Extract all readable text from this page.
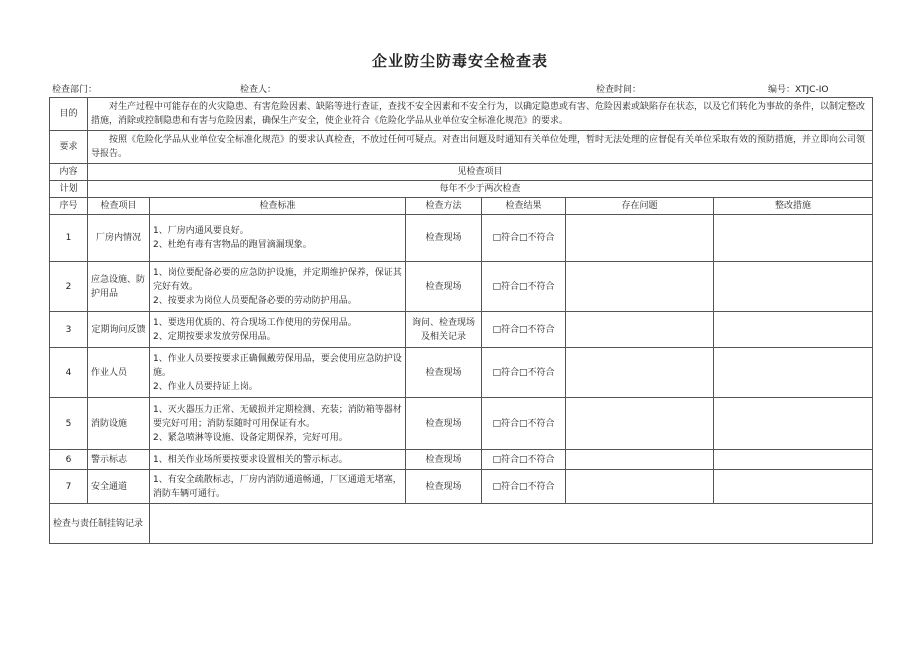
企业防尘防毒安全检查表
检查部门：	检查人：	检查时间：	编号：XTJC-IO
目的	对生产过程中可能存在的火灾隐患、有害危险因素、缺陷等进行查证，查找不安全因素和不安全行为，以确定隐患或有害、危险因素或缺陷存在状态，以及它们转化为事故的条件，以制定整改措施，消除或控制隐患和有害与危险因素，确保生产安全，使企业符合《危险化学品从业单位安全标准化规范》的要求。					
要求	按照《危险化学品从业单位安全标准化规范》的要求认真检查，不放过任何可疑点。对查出问题及时通知有关单位处理，暂时无法处理的应督促有关单位采取有效的预防措施，并立即向公司领导报告。					
内容	见检查项目					
计划	每年不少于两次检查					
序号	检查项目	检查标准	检查方法	检查结果	存在问题	整改措施
1	厂房内情况	1、厂房内通风要良好。
2、杜绝有毒有害物品的跑冒滴漏现象。	检查现场	□符合□不符合		
2	应急设施、防护用品	1、岗位要配备必要的应急防护设施，并定期维护保养，保证其完好有效。
2、按要求为岗位人员要配备必要的劳动防护用品。	检查现场	□符合□不符合		
3	定期询问反馈	1、要选用优质的、符合现场工作使用的劳保用品。
2、定期按要求发放劳保用品。	询问、检查现场及相关记录	□符合□不符合		
4	作业人员	1、作业人员要按要求正确佩戴劳保用品，要会使用应急防护设施。
2、作业人员要持证上岗。	检查现场	□符合□不符合		
5	消防设施	1、灭火器压力正常、无破损并定期检测、充装；消防箱等器材要完好可用；消防泵随时可用保证有水。
2、紧急喷淋等设施、设备定期保养，完好可用。	检查现场	□符合□不符合		
6	警示标志	1、相关作业场所要按要求设置相关的警示标志。	检查现场	□符合□不符合		
7	安全通道	1、有安全疏散标志，厂房内消防通道畅通，厂区通道无堵塞，消防车辆可通行。	检查现场	□符合□不符合		
检查与责任制挂钩记录						
